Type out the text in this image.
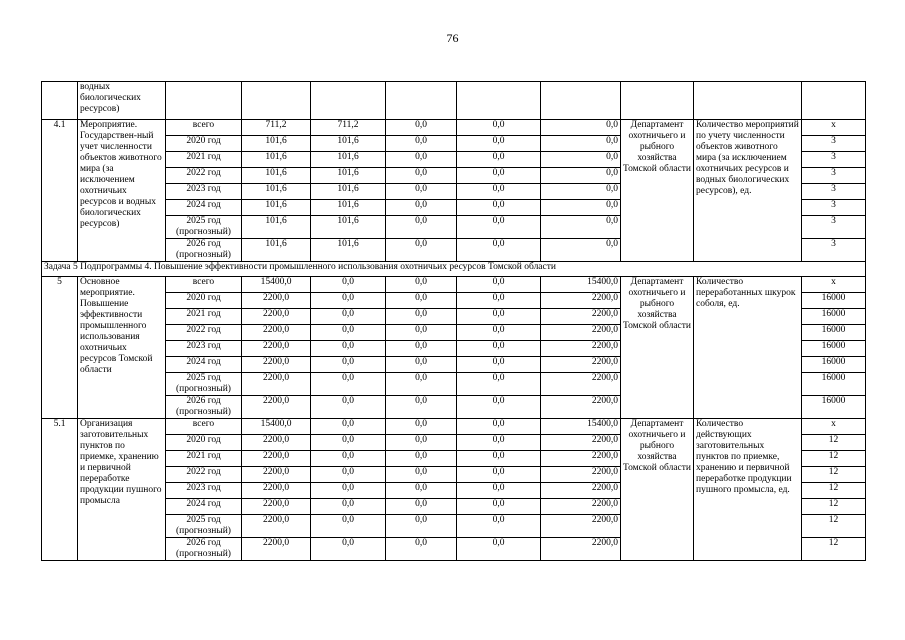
76
	водных биологических ресурсов)									
4.1	Мероприятие. Государствен-ный учет численности объектов животного мира (за исключением охотничьих ресурсов и водных биологических ресурсов)	всего	711,2	711,2	0,0	0,0	0,0	Департамент охотничьего и рыбного хозяйства Томской области	Количество мероприятий по учету численности объектов животного мира (за исключением охотничьих ресурсов и водных биологических ресурсов), ед.	х
		2020 год	101,6	101,6	0,0	0,0	0,0			3
		2021 год	101,6	101,6	0,0	0,0	0,0			3
		2022 год	101,6	101,6	0,0	0,0	0,0			3
		2023 год	101,6	101,6	0,0	0,0	0,0			3
		2024 год	101,6	101,6	0,0	0,0	0,0			3
		2025 год (прогнозный)	101,6	101,6	0,0	0,0	0,0			3
		2026 год (прогнозный)	101,6	101,6	0,0	0,0	0,0			3
Задача 5 Подпрограммы 4. Повышение эффективности промышленного использования охотничьих ресурсов Томской области										
5	Основное мероприятие. Повышение эффективности промышленного использования охотничьих ресурсов Томской области	всего	15400,0	0,0	0,0	0,0	15400,0	Департамент охотничьего и рыбного хозяйства Томской области	Количество переработанных шкурок соболя, ед.	х
		2020 год	2200,0	0,0	0,0	0,0	2200,0			16000
		2021 год	2200,0	0,0	0,0	0,0	2200,0			16000
		2022 год	2200,0	0,0	0,0	0,0	2200,0			16000
		2023 год	2200,0	0,0	0,0	0,0	2200,0			16000
		2024 год	2200,0	0,0	0,0	0,0	2200,0			16000
		2025 год (прогнозный)	2200,0	0,0	0,0	0,0	2200,0			16000
		2026 год (прогнозный)	2200,0	0,0	0,0	0,0	2200,0			16000
5.1	Организация заготовительных пунктов по приемке, хранению и первичной переработке продукции пушного промысла	всего	15400,0	0,0	0,0	0,0	15400,0	Департамент охотничьего и рыбного хозяйства Томской области	Количество действующих заготовительных пунктов по приемке, хранению и первичной переработке продукции пушного промысла, ед.	х
		2020 год	2200,0	0,0	0,0	0,0	2200,0			12
		2021 год	2200,0	0,0	0,0	0,0	2200,0			12
		2022 год	2200,0	0,0	0,0	0,0	2200,0			12
		2023 год	2200,0	0,0	0,0	0,0	2200,0			12
		2024 год	2200,0	0,0	0,0	0,0	2200,0			12
		2025 год (прогнозный)	2200,0	0,0	0,0	0,0	2200,0			12
		2026 год (прогнозный)	2200,0	0,0	0,0	0,0	2200,0			12
